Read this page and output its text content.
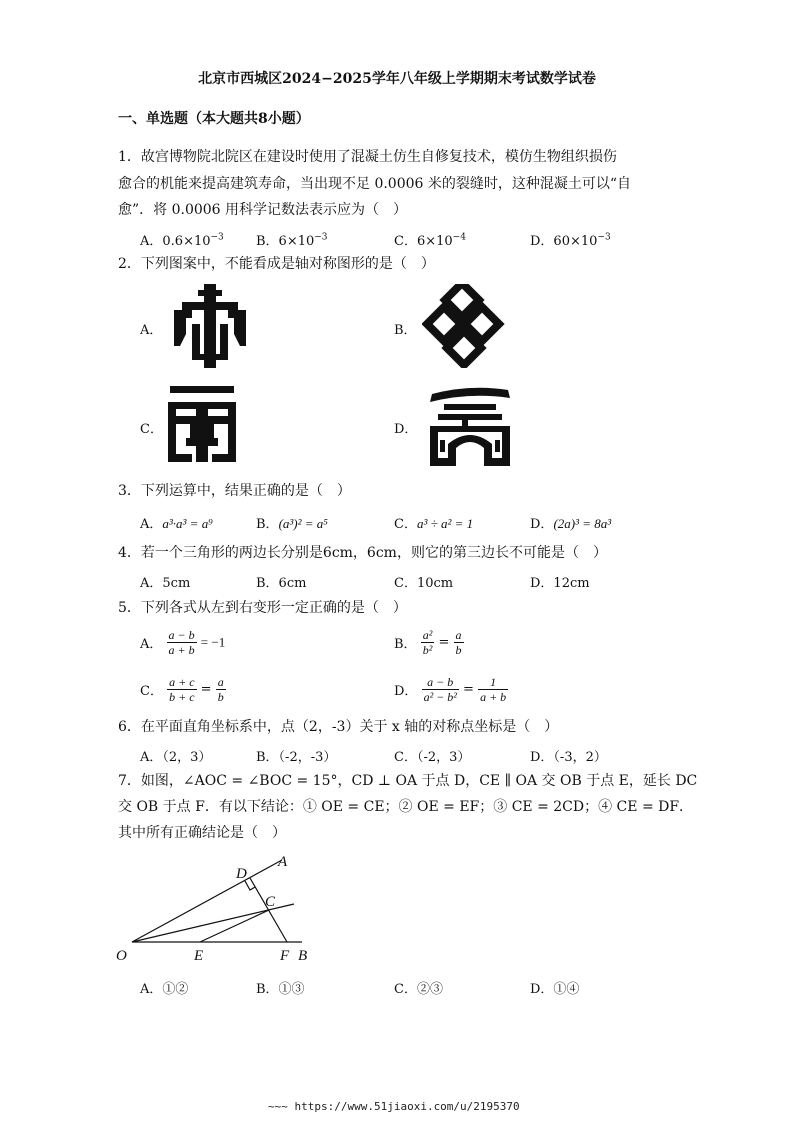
北京市西城区2024−2025学年八年级上学期期末考试数学试卷
一、单选题（本大题共8小题）
1．故宫博物院北院区在建设时使用了混凝土仿生自修复技术，模仿生物组织损伤
愈合的机能来提高建筑寿命，当出现不足 0.0006 米的裂缝时，这种混凝土可以“自
愈”．将 0.0006 用科学记数法表示应为（　）
A．$0.6\times 10^{-3}$ B．$6\times 10^{-3}$	C．$6\times 10^{-4}$	D．$60\times 10^{-3}$
2．下列图案中，不能看成是轴对称图形的是（　）
A．	B．
C．	D．
3．下列运算中，结果正确的是（　）
A．a³·a³ = a⁹	B．(a³)² = a⁵	C．a³ ÷ a² = 1	D．(2a)³ = 8a³
4．若一个三角形的两边长分别是6cm，6cm，则它的第三边长不可能是（　）
A．5cm	B．6cm	C．10cm	D．12cm
5．下列各式从左到右变形一定正确的是（　）
A． $\frac{a - b}{a + b} = -1$	B． $\frac{\text{a²}}{\text{b²}} = \frac{a}{b}$
C． $\frac{a + c}{b + c} = \frac{a}{b}$	D． $\frac{a - b}{\text{a² − b²}} = \frac{1}{a + b}$
6．在平面直角坐标系中，点（2，-3）关于 x 轴的对称点坐标是（　）
A．（2，3）	B．（-2，-3）	C．（-2，3）	D．（-3，2）
7．如图，∠AOC = ∠BOC = 15°，CD ⊥ OA 于点 D，CE ∥ OA 交 OB 于点 E，延长 DC
交 OB 于点 F．有以下结论：① OE = CE；② OE = EF；③ CE = 2CD；④ CE = DF．
其中所有正确结论是（　）
D
A
C
O	E	F B
A．①②	B．①③	C．②③	D．①④
~~~ https://www.51jiaoxi.com/u/2195370
